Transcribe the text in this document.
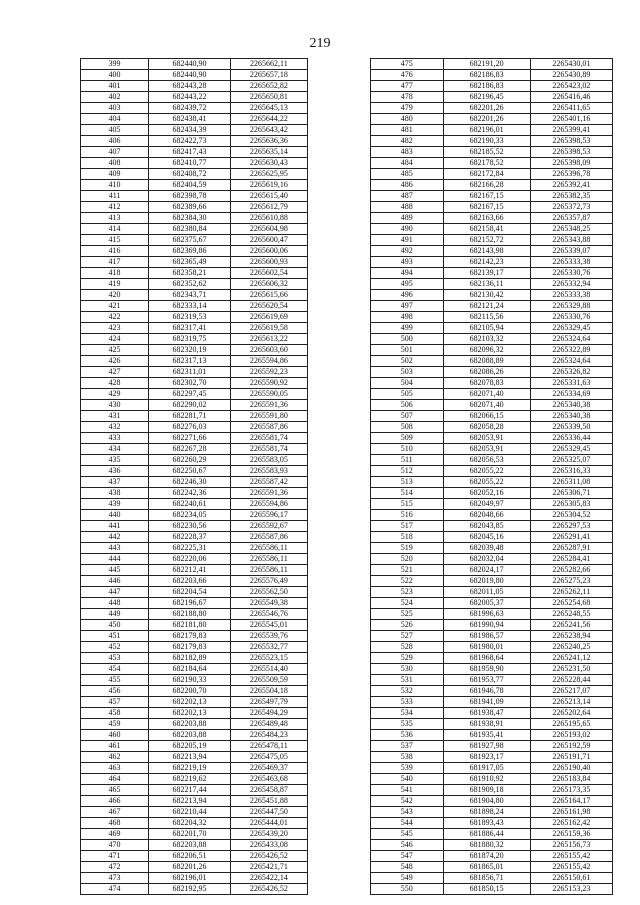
219
399	682440,90	2265662,11
400	682440,90	2265657,18
401	682443,28	2265652,82
402	682443,22	2265650,81
403	682439,72	2265645,13
404	682438,41	2265644,22
405	682434,39	2265643,42
406	682422,73	2265636,36
407	682417,43	2265635,14
408	682410,77	2265630,43
409	682408,72	2265625,95
410	682404,59	2265619,16
411	682398,78	2265615,40
412	682389,66	2265612,79
413	682384,30	2265610,88
414	682380,84	2265604,98
415	682375,67	2265600,47
416	682369,86	2265600,06
417	682365,49	2265600,93
418	682358,21	2265602,54
419	682352,62	2265606,32
420	682343,71	2265615,66
421	682333,14	2265620,54
422	682319,53	2265619,69
423	682317,41	2265619,58
424	682319,75	2265613,22
425	682320,19	2265603,60
426	682317,13	2265594,86
427	682311,01	2265592,23
428	682302,70	2265590,92
429	682297,45	2265590,05
430	682290,02	2265591,36
431	682281,71	2265591,80
432	682276,03	2265587,86
433	682271,66	2265581,74
434	682267,28	2265581,74
435	682260,29	2265583,05
436	682250,67	2265583,93
437	682246,30	2265587,42
438	682242,36	2265591,36
439	682240,61	2265594,86
440	682234,05	2265596,17
441	682230,56	2265592,67
442	682228,37	2265587,86
443	682225,31	2265586,11
444	682220,06	2265586,11
445	682212,41	2265586,11
446	682203,66	2265576,49
447	682204,54	2265562,50
448	682196,67	2265549,38
449	682188,80	2265546,76
450	682181,80	2265545,01
451	682179,83	2265539,76
452	682179,83	2265532,77
453	682182,89	2265523,15
454	682184,64	2265514,40
455	682190,33	2265509,59
456	682200,70	2265504,18
457	682202,13	2265497,79
458	682202,13	2265494,29
459	682203,88	2265489,48
460	682203,88	2265484,23
461	682205,19	2265478,11
462	682213,94	2265475,05
463	682219,19	2265469,37
464	682219,62	2265463,68
465	682217,44	2265458,87
466	682213,94	2265451,88
467	682210,44	2265447,50
468	682204,32	2265444,01
469	682201,70	2265439,20
470	682203,88	2265433,08
471	682206,51	2265426,52
472	682201,26	2265421,71
473	682196,01	2265422,14
474	682192,95	2265426,52
475	682191,20	2265430,01
476	682186,83	2265430,89
477	682186,83	2265423,02
478	682196,45	2265416,46
479	682201,26	2265411,65
480	682201,26	2265401,16
481	682196,01	2265399,41
482	682190,33	2265398,53
483	682185,52	2265398,53
484	682178,52	2265398,09
485	682172,84	2265396,78
486	682166,28	2265392,41
487	682167,15	2265382,35
488	682167,15	2265372,73
489	682163,66	2265357,87
490	682158,41	2265348,25
491	682152,72	2265343,88
492	682143,98	2265339,07
493	682142,23	2265333,38
494	682139,17	2265330,76
495	682136,11	2265332,94
496	682130,42	2265333,38
497	682121,24	2265329,88
498	682115,56	2265330,76
499	682105,94	2265329,45
500	682103,32	2265324,64
501	682096,32	2265322,89
502	682088,89	2265324,64
503	682086,26	2265326,82
504	682078,83	2265331,63
505	682071,40	2265334,69
506	682071,40	2265340,38
507	682066,15	2265340,38
508	682058,28	2265339,50
509	682053,91	2265336,44
510	682053,91	2265329,45
511	682056,53	2265325,07
512	682055,22	2265316,33
513	682055,22	2265311,08
514	682052,16	2265306,71
515	682049,97	2265305,83
516	682048,66	2265304,52
517	682043,85	2265297,53
518	682045,16	2265291,41
519	682039,48	2265287,91
520	682032,04	2265284,41
521	682024,17	2265282,66
522	682019,80	2265275,23
523	682011,05	2265262,11
524	682005,37	2265254,68
525	681996,63	2265248,55
526	681990,94	2265241,56
527	681986,57	2265238,94
528	681980,01	2265240,25
529	681968,64	2265241,12
530	681959,90	2265231,50
531	681953,77	2265228,44
532	681946,78	2265217,07
533	681941,09	2265213,14
534	681938,47	2265202,64
535	681938,91	2265195,65
536	681935,41	2265193,02
537	681927,98	2265192,59
538	681923,17	2265191,71
539	681917,05	2265190,40
540	681910,92	2265183,84
541	681909,18	2265173,35
542	681904,80	2265164,17
543	681898,24	2265161,98
544	681893,43	2265162,42
545	681886,44	2265159,36
546	681880,32	2265156,73
547	681874,20	2265155,42
548	681865,01	2265155,42
549	681856,71	2265150,61
550	681850,15	2265153,23
